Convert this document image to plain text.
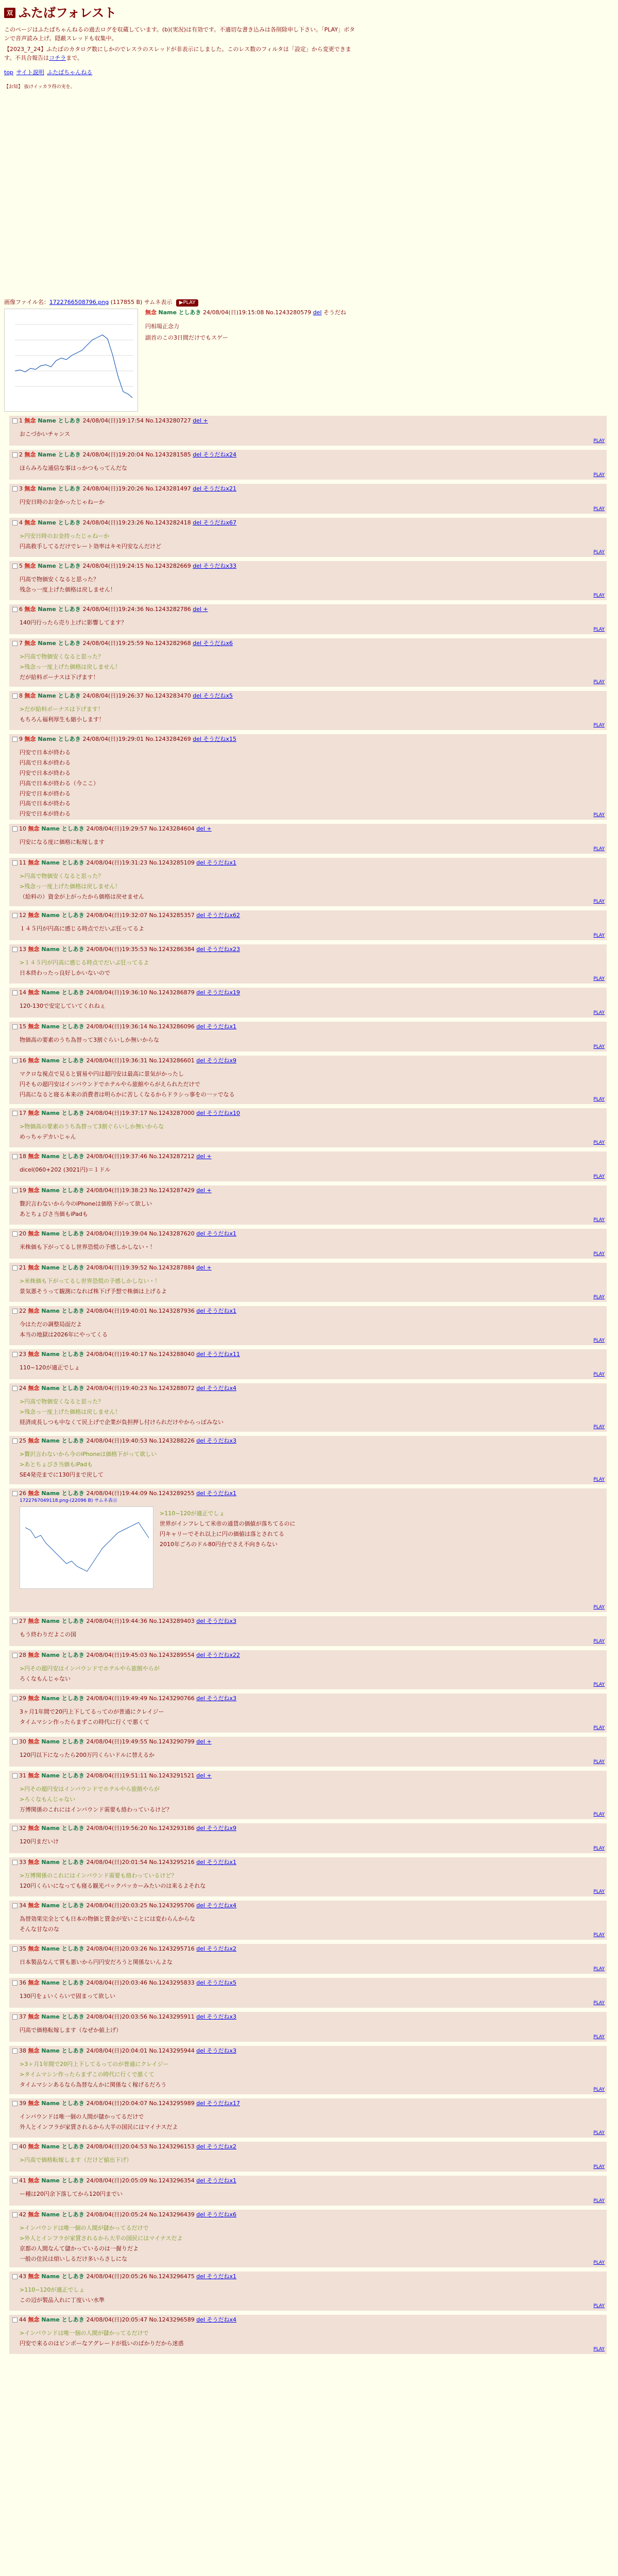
双 ふたばフォレスト

このページはふたばちゃんねるの過去ログを収蔵しています。(b)(実況)は有効です。不適切な書き込みは各削除申し下さい。「PLAY」ボタンで音声読み上げ。隠蔽スレッドも収集中。

【2023_7_24】ふたばのカタログ数にしかのでレスラのスレッドが非表示にしました。このレス数のフィルタは「設定」から変更できます。不具合報告はコチラまで。

top サイト説明 ふたばちゃんねる
【お知】 抜けイッカラ得の実を。
画像ファイル名：1722766508796.png (117855 B) サムネ表示 ▶PLAY
無念 Name としあき 24/08/04(日)19:15:08 No.1243280579 del そうだね
円相場正念力
副首のこの3日間だけでもスゲー
1 無念 Name としあき 24/08/04(日)19:17:54 No.1243280727 del +
おこづかいチャンス
PLAY
2 無念 Name としあき 24/08/04(日)19:20:04 No.1243281585 del そうだねx24
ほらみろな通信な事はっかつもってんだな
PLAY
3 無念 Name としあき 24/08/04(日)19:20:26 No.1243281497 del そうだねx21
円安日時のお金かったじゃねーか
PLAY
4 無念 Name としあき 24/08/04(日)19:23:26 No.1243282418 del そうだねx67
>円安日時のお金持ったじゃねーか
円高救手してるだけでレート効率はキモ円安なんだけど
PLAY
5 無念 Name としあき 24/08/04(日)19:24:15 No.1243282669 del そうだねx33
円高で物価安くなると思った？
残念っ一度上げた価格は戻しません！
PLAY
6 無念 Name としあき 24/08/04(日)19:24:36 No.1243282786 del +
140円行ったら売り上げに影響してます？
PLAY
7 無念 Name としあき 24/08/04(日)19:25:59 No.1243282968 del そうだねx6
>円高で物価安くなると思った？
>残念っ一度上げた価格は戻しません！
だが給料ボーナスは下げます！
PLAY
8 無念 Name としあき 24/08/04(日)19:26:37 No.1243283470 del そうだねx5
>だが給料ボーナスは下げます！
もちろん福利厚生も縮小します！
PLAY
9 無念 Name としあき 24/08/04(日)19:29:01 No.1243284269 del そうだねx15
円安で日本が終わる
円高で日本が終わる
円安で日本が終わる
円高で日本が終わる（今ここ）
円安で日本が終わる
円高で日本が終わる
円安で日本が終わる	PLAY
10 無念 Name としあき 24/08/04(日)19:29:57 No.1243284604 del +
円安になる度に価格に転嫁します
PLAY
11 無念 Name としあき 24/08/04(日)19:31:23 No.1243285109 del そうだねx1
>円高で物価安くなると思った？
>残念っ一度上げた価格は戻しません！
（給料の）資金が上がったから価格は戻せません
PLAY
12 無念 Name としあき 24/08/04(日)19:32:07 No.1243285357 del そうだねx62
１４５円が円高に感じる時点でだいぶ狂ってるよ
PLAY
13 無念 Name としあき 24/08/04(日)19:35:53 No.1243286384 del そうだねx23
>１４５円が円高に感じる時点でだいぶ狂ってるよ
日本終わったっ良好しかいないので
PLAY
14 無念 Name としあき 24/08/04(日)19:36:10 No.1243286879 del そうだねx19
120-130で安定していてくれねぇ
PLAY
15 無念 Name としあき 24/08/04(日)19:36:14 No.1243286096 del そうだねx1
物価高の要素のうち為替って3割ぐらいしか無いからな
PLAY
16 無念 Name としあき 24/08/04(日)19:36:31 No.1243286601 del そうだねx9
マクロな視点で見ると貿易や円は超円安は最高に景気がかったし
円そもの超円安はインバウンドでホテルやら旅館やらがえられただけで
円高になると寝る本来の消費者は明らかに苦しくなるからドラシっ事をの一ッでなる
PLAY
17 無念 Name としあき 24/08/04(日)19:37:17 No.1243287000 del そうだねx10
>物価高の要素のうち為替って3割ぐらいしか無いからな
めっちゃデカいじゃん
PLAY
18 無念 Name としあき 24/08/04(日)19:37:46 No.1243287212 del +
dicel(060+202 (3021円)＝１ドル
PLAY
19 無念 Name としあき 24/08/04(日)19:38:23 No.1243287429 del +
贅沢言わないから今のiPhoneは価格下がって欲しい
あとちょびさ当価もiPadも
PLAY
20 無念 Name としあき 24/08/04(日)19:39:04 No.1243287620 del そうだねx1
米株価も下がってるし世界恐慌の予感しかしない・！
PLAY
21 無念 Name としあき 24/08/04(日)19:39:52 No.1243287884 del +
>米株価も下がってるし世界恐慌の予感しかしない・！
景気悪そうって観測になれば株下げ予想で株価は上げるよ
PLAY
22 無念 Name としあき 24/08/04(日)19:40:01 No.1243287936 del そうだねx1
今はただの調整局面だよ
本当の地獄は2026年にやってくる
PLAY
23 無念 Name としあき 24/08/04(日)19:40:17 No.1243288040 del そうだねx11
110~120が適正でしょ
PLAY
24 無念 Name としあき 24/08/04(日)19:40:23 No.1243288072 del そうだねx4
>円高で物価安くなると思った？
>残念っ一度上げた価格は戻しません！
経済成長しつも中なくて民上げで企業が負担押し付けられだけやからっぽみない
PLAY
25 無念 Name としあき 24/08/04(日)19:40:53 No.1243288226 del そうだねx3
>贅沢言わないから今のiPhoneは価格下がって欲しい
>あとちょびさ当価もiPadも
SE4発売までに130円まで戻して
PLAY
26 無念 Name としあき 24/08/04(日)19:44:09 No.1243289255 del そうだねx1
1722767049118.png-(22096 B) サムネ表示
>110~120が適正でしょ
世界がインフレして米帝の通貨の価値が落ちてるのに
円キャリーでそれ以上に円の価値は落とされてる
2010年ごろのドル80円台でさえ不向きらない
PLAY
27 無念 Name としあき 24/08/04(日)19:44:36 No.1243289403 del そうだねx3
もう終わりだよこの国
PLAY
28 無念 Name としあき 24/08/04(日)19:45:03 No.1243289554 del そうだねx22
>円その超円安はインバウンドでホテルやら旅館やらが
ろくなもんじゃない
PLAY
29 無念 Name としあき 24/08/04(日)19:49:49 No.1243290766 del そうだねx3
3ヶ月1年間で20円上下してるってのが普通にクレイジー
タイムマシン作ったらまずこの時代に行くで悪くて
PLAY
30 無念 Name としあき 24/08/04(日)19:49:55 No.1243290799 del +
120円以下になったら200万円くらいドルに替えるか
PLAY
31 無念 Name としあき 24/08/04(日)19:51:11 No.1243291521 del +
>円その超円安はインバウンドでホテルやら旅館やらが
>ろくなもんじゃない
万博関係のこれにはインバウンド需要も絡わっているけど？
PLAY
32 無念 Name としあき 24/08/04(日)19:56:20 No.1243293186 del そうだねx9
120円まだいけ
PLAY
33 無念 Name としあき 24/08/04(日)20:01:54 No.1243295216 del そうだねx1
>万博関係のこれにはインバウンド需要も絡わっているけど？
120円くらいになっても寝る観光バックパッカーみたいのは来るよそれな
PLAY
34 無念 Name としあき 24/08/04(日)20:03:25 No.1243295706 del そうだねx4
為替効果完全とても日本の物価と賃金が安いことには変わらんからな
そんな甘なのな
PLAY
35 無念 Name としあき 24/08/04(日)20:03:26 No.1243295716 del そうだねx2
日本製品なんて質も悪いから円円安だろうと関係ないんよな
PLAY
36 無念 Name としあき 24/08/04(日)20:03:46 No.1243295833 del そうだねx5
130円をょいくらいで固まって欲しい
PLAY
37 無念 Name としあき 24/08/04(日)20:03:56 No.1243295911 del そうだねx3
円高で価格転嫁します（なぜか値上げ）
PLAY
38 無念 Name としあき 24/08/04(日)20:04:01 No.1243295944 del そうだねx3
>3ヶ月1年間で20円上下してるってのが普通にクレイジー
>タイムマシン作ったらまずこの時代に行くで悪くて
タイムマシンあるなら為替なんかに関係なく稼げるだろう
PLAY
39 無念 Name としあき 24/08/04(日)20:04:07 No.1243295989 del そうだねx17
インバウンドは唯一個の人間が儲かってるだけで
外人とインフラが家賃されるから大半の国民にはマイナスだよ
PLAY
40 無念 Name としあき 24/08/04(日)20:04:53 No.1243296153 del そうだねx2
>円高で価格転嫁します（だけど値出下げ）
PLAY
41 無念 Name としあき 24/08/04(日)20:05:09 No.1243296354 del そうだねx1
ー種は20円余下落してから120円までい
PLAY
42 無念 Name としあき 24/08/04(日)20:05:24 No.1243296439 del そうだねx6
>インバウンドは唯一個の人間が儲かってるだけで
>外人とインフラが家賃されるから大半の国民にはマイナスだよ
京都の人間なんて儲かっているのは一握りだよ
一般の住民は煩いしるだけ多いらさしにな
PLAY
43 無念 Name としあき 24/08/04(日)20:05:26 No.1243296475 del そうだねx1
>110~120が適正でしょ
この辺が製品入れに丁度いい水準
PLAY
44 無念 Name としあき 24/08/04(日)20:05:47 No.1243296589 del そうだねx4
>インバウンドは唯一個の人間が儲かってるだけで
円安で来るのはビンボーなアグレードが低いのばかりだから迷惑
PLAY
